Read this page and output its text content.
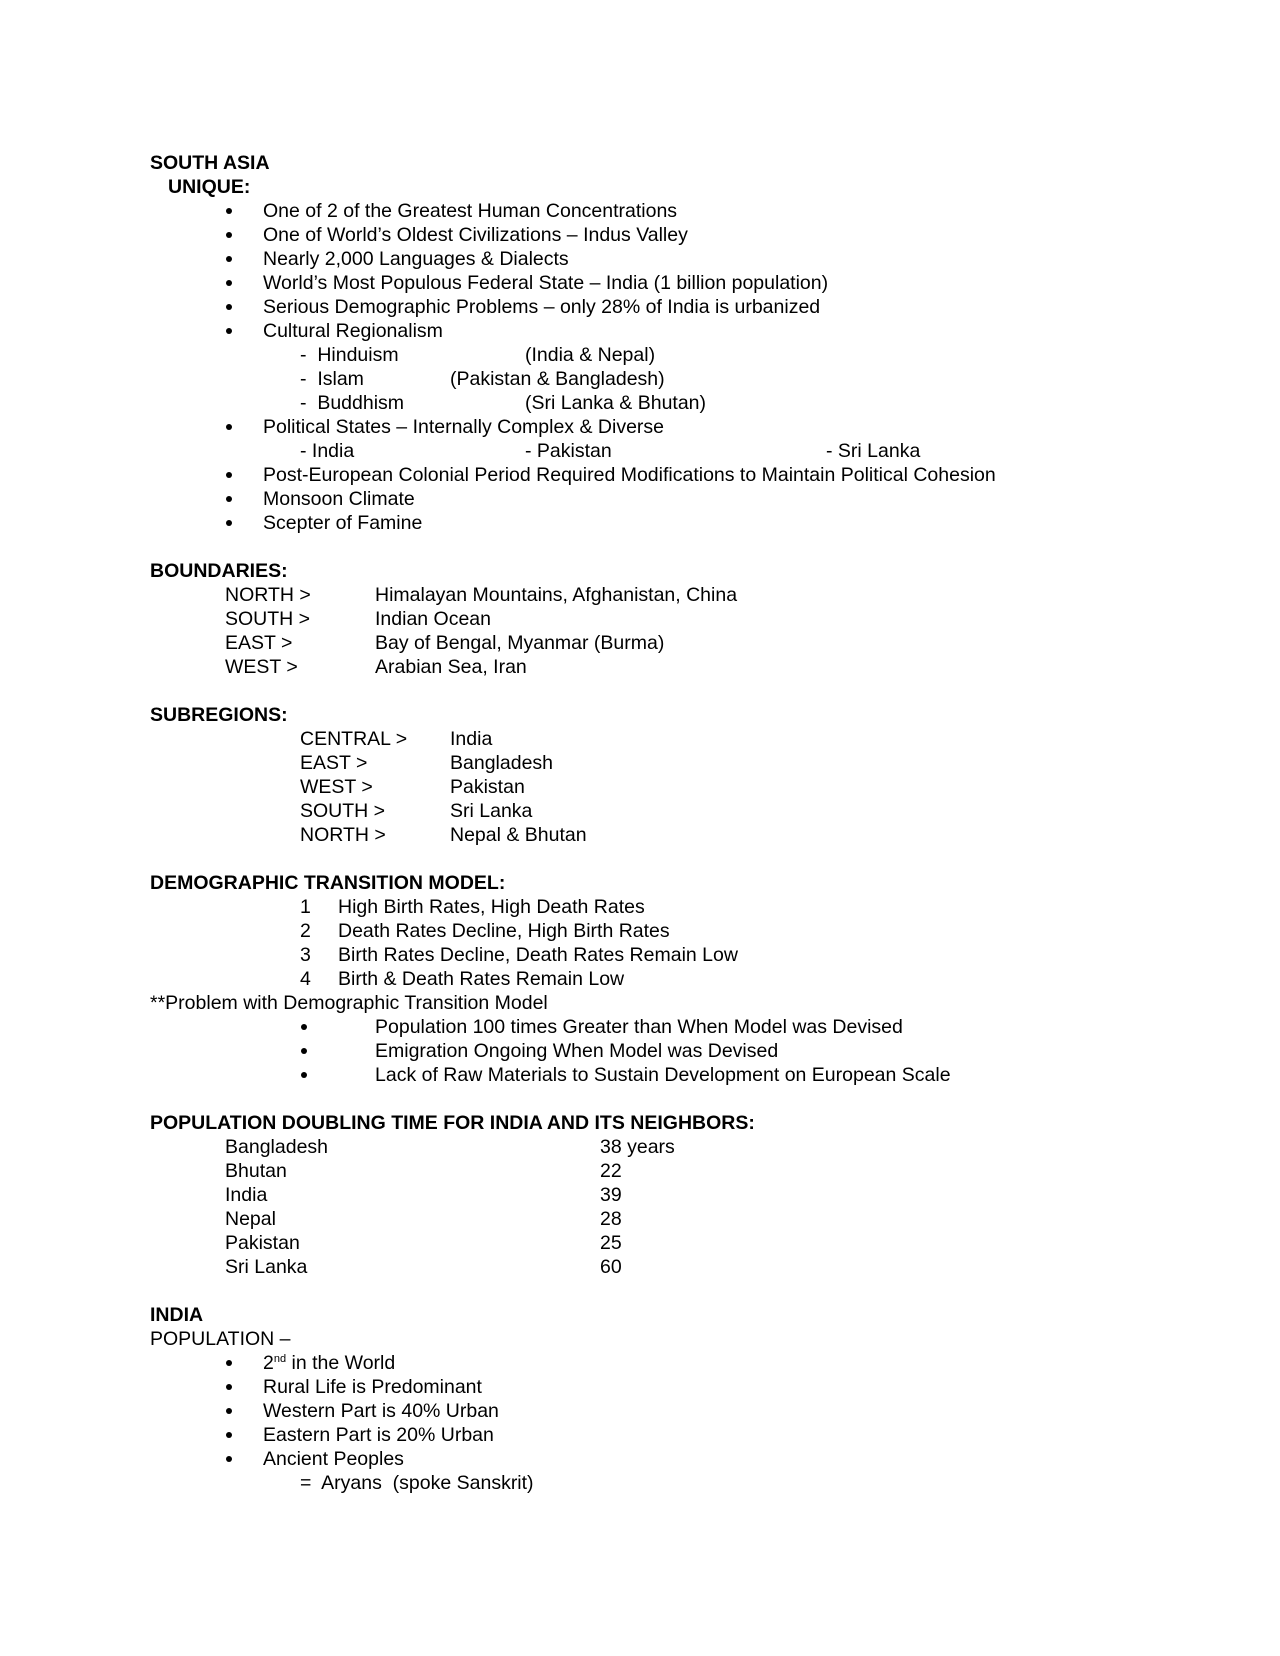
SOUTH ASIA
UNIQUE:
One of 2 of the Greatest Human Concentrations
One of World’s Oldest Civilizations – Indus Valley
Nearly 2,000 Languages & Dialects
World’s Most Populous Federal State – India (1 billion population)
Serious Demographic Problems – only 28% of India is urbanized
Cultural Regionalism
-  Hinduism	(India & Nepal)
-  Islam	(Pakistan & Bangladesh)
-  Buddhism	(Sri Lanka & Bhutan)
Political States – Internally Complex & Diverse
- India	- Pakistan	- Sri Lanka
Post-European Colonial Period Required Modifications to Maintain Political Cohesion
Monsoon Climate
Scepter of Famine
BOUNDARIES:
NORTH >	Himalayan Mountains, Afghanistan, China
SOUTH >	Indian Ocean
EAST >	Bay of Bengal, Myanmar (Burma)
WEST >	Arabian Sea, Iran
SUBREGIONS:
CENTRAL > India
EAST >	Bangladesh
WEST >	Pakistan
SOUTH >	Sri Lanka
NORTH >	Nepal & Bhutan
DEMOGRAPHIC TRANSITION MODEL:
1 High Birth Rates, High Death Rates
2 Death Rates Decline, High Birth Rates
3 Birth Rates Decline, Death Rates Remain Low
4 Birth & Death Rates Remain Low
**Problem with Demographic Transition Model
Population 100 times Greater than When Model was Devised
Emigration Ongoing When Model was Devised
Lack of Raw Materials to Sustain Development on European Scale
POPULATION DOUBLING TIME FOR INDIA AND ITS NEIGHBORS:
Bangladesh	38 years
Bhutan	22
India	39
Nepal	28
Pakistan	25
Sri Lanka	60
INDIA
POPULATION –
2nd in the World
Rural Life is Predominant
Western Part is 40% Urban
Eastern Part is 20% Urban
Ancient Peoples
=  Aryans  (spoke Sanskrit)
